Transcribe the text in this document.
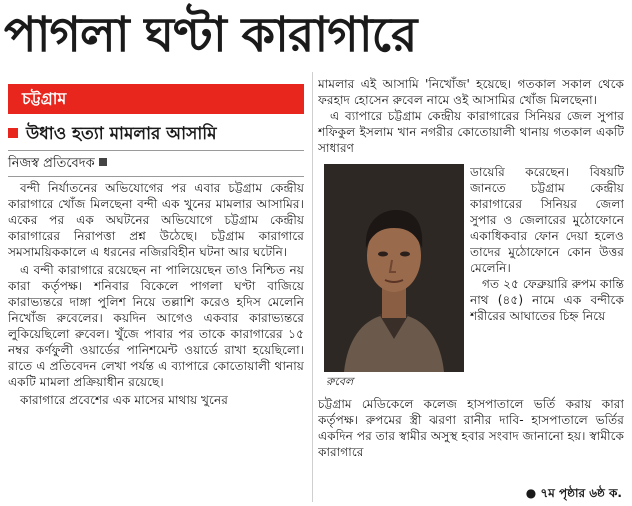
পাগলা ঘণ্টা কারাগারে
চট্টগ্রাম
উধাও হত্যা মামলার আসামি
নিজস্ব প্রতিবেদক

বন্দী নির্যাতনের অভিযোগের পর এবার চট্টগ্রাম কেন্দ্রীয় কারাগারে খোঁজ মিলছেনা বন্দী এক খুনের মামলার আসামির। একের পর এক অঘটনের অভিযোগে চট্টগ্রাম কেন্দ্রীয় কারাগারের নিরাপত্তা প্রশ্ন উঠেছে। চট্টগ্রাম কারাগারে সমসাময়িককালে এ ধরনের নজিরবিহীন ঘটনা আর ঘটেনি।

এ বন্দী কারাগারে রয়েছেন না পালিয়েছেন তাও নিশ্চিত নয় কারা কর্তৃপক্ষ। শনিবার বিকেলে পাগলা ঘণ্টা বাজিয়ে কারাভ্যন্তরে দাঙ্গা পুলিশ নিয়ে তল্লাশি করেও হদিস মেলেনি নিখোঁজ রুবেলের। কয়দিন আগেও একবার কারাভ্যন্তরে লুকিয়েছিলো রুবেল। খুঁজে পাবার পর তাকে কারাগারের ১৫ নম্বর কর্ণফুলী ওয়ার্ডের পানিশমেন্ট ওয়ার্ডে রাখা হয়েছিলো। রাতে এ প্রতিবেদন লেখা পর্যন্ত এ ব্যাপারে কোতোয়ালী থানায় একটি মামলা প্রক্রিয়াধীন রয়েছে।

কারাগারে প্রবেশের এক মাসের মাথায় খুনের

মামলার এই আসামি 'নিখোঁজ' হয়েছে। গতকাল সকাল থেকে ফরহাদ হোসেন রুবেল নামে ওই আসামির খোঁজ মিলছেনা।

এ ব্যাপারে চট্টগ্রাম কেন্দ্রীয় কারাগারের সিনিয়র জেল সুপার শফিকুল ইসলাম খান নগরীর কোতোয়ালী থানায় গতকাল একটি সাধারণ

রুবেল

ডায়েরি করেছেন। বিষয়টি জানতে চট্টগ্রাম কেন্দ্রীয় কারাগারের সিনিয়র জেলা সুপার ও জেলারের মুঠোফোনে একাধিকবার ফোন দেয়া হলেও তাদের মুঠোফোনে কোন উত্তর মেলেনি।

গত ২৫ ফেব্রুয়ারি রুপম কান্তি নাথ (৪৫) নামে এক বন্দীকে শরীরের আঘাতের চিহ্ন নিয়ে

চট্টগ্রাম মেডিকেলে কলেজ হাসপাতালে ভর্তি করায় কারা কর্তৃপক্ষ। রুপমের স্ত্রী ঝরণা রানীর দাবি- হাসপাতালে ভর্তির একদিন পর তার স্বামীর অসুস্থ হবার সংবাদ জানানো হয়। স্বামীকে কারাগারে

● ৭ম পৃষ্ঠার ৬ষ্ঠ ক.
